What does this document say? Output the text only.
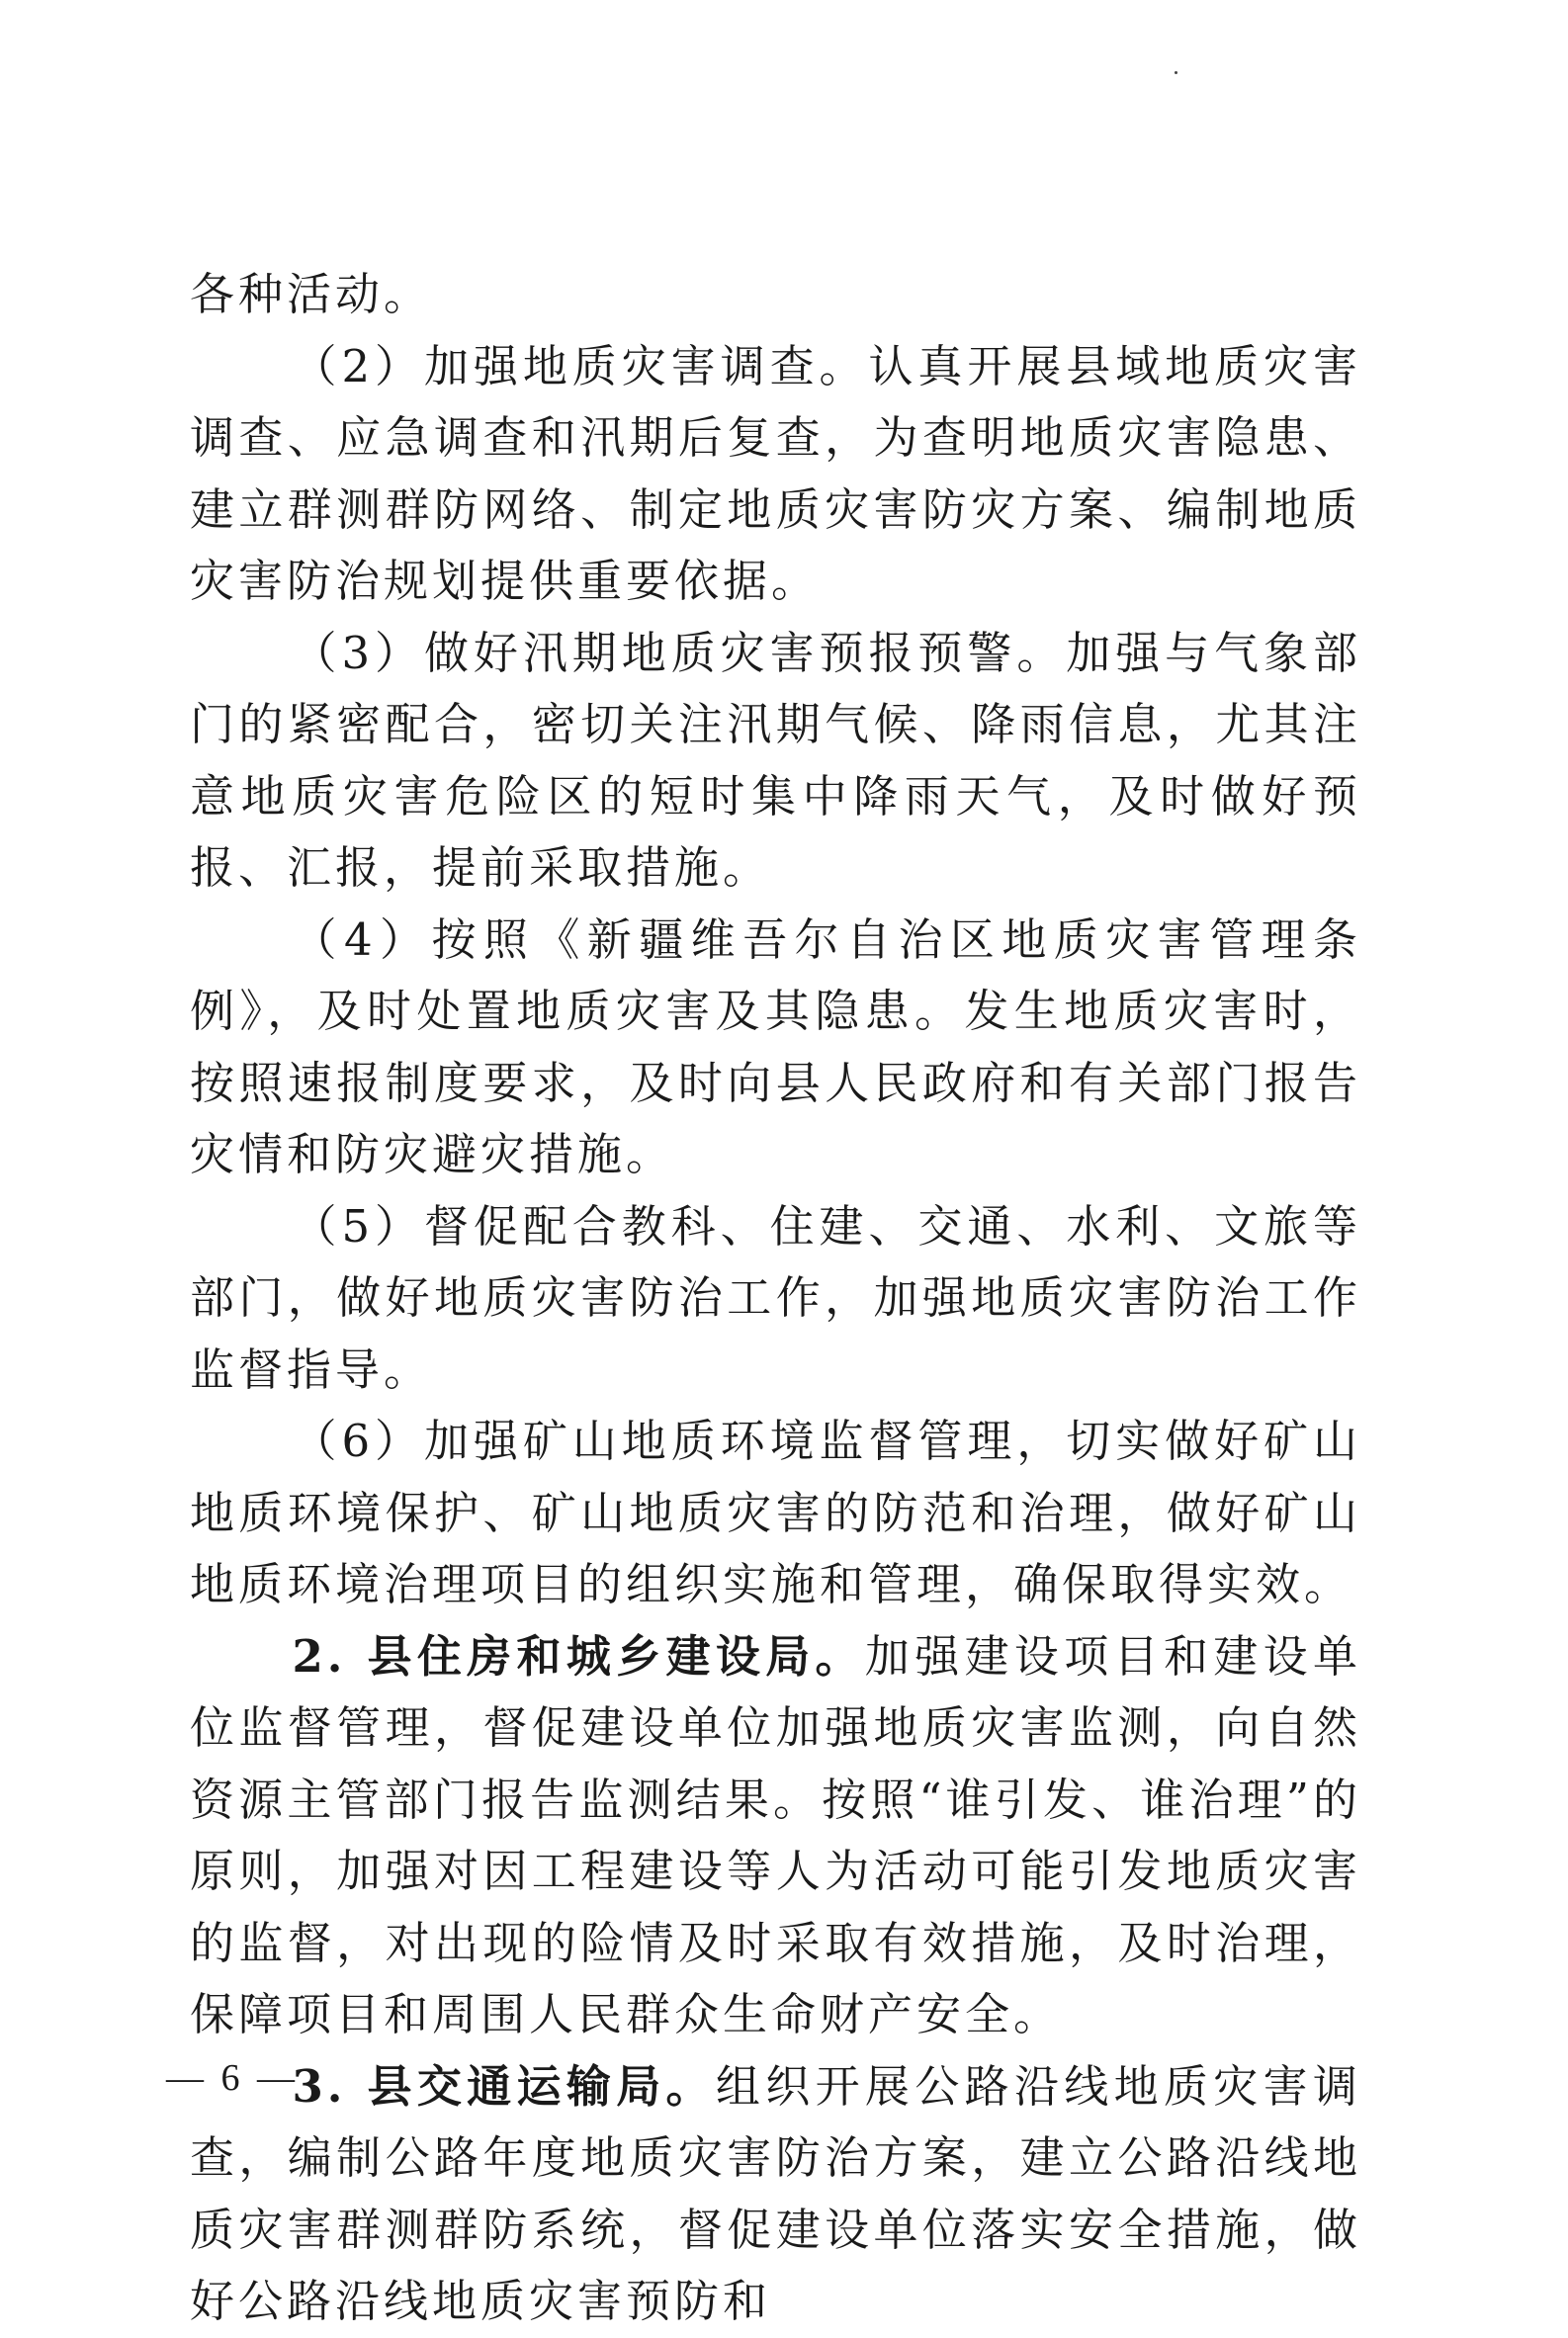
各种活动。

（2）加强地质灾害调查。认真开展县域地质灾害调查、应急调查和汛期后复查，为查明地质灾害隐患、建立群测群防网络、制定地质灾害防灾方案、编制地质灾害防治规划提供重要依据。

（3）做好汛期地质灾害预报预警。加强与气象部门的紧密配合，密切关注汛期气候、降雨信息，尤其注意地质灾害危险区的短时集中降雨天气，及时做好预报、汇报，提前采取措施。

（4）按照《新疆维吾尔自治区地质灾害管理条例》，及时处置地质灾害及其隐患。发生地质灾害时，按照速报制度要求，及时向县人民政府和有关部门报告灾情和防灾避灾措施。

（5）督促配合教科、住建、交通、水利、文旅等部门，做好地质灾害防治工作，加强地质灾害防治工作监督指导。

（6）加强矿山地质环境监督管理，切实做好矿山地质环境保护、矿山地质灾害的防范和治理，做好矿山地质环境治理项目的组织实施和管理，确保取得实效。

2. 县住房和城乡建设局。加强建设项目和建设单位监督管理，督促建设单位加强地质灾害监测，向自然资源主管部门报告监测结果。按照“谁引发、谁治理”的原则，加强对因工程建设等人为活动可能引发地质灾害的监督，对出现的险情及时采取有效措施，及时治理，保障项目和周围人民群众生命财产安全。

3. 县交通运输局。组织开展公路沿线地质灾害调查，编制公路年度地质灾害防治方案，建立公路沿线地质灾害群测群防系统，督促建设单位落实安全措施，做好公路沿线地质灾害预防和

— 6 —
